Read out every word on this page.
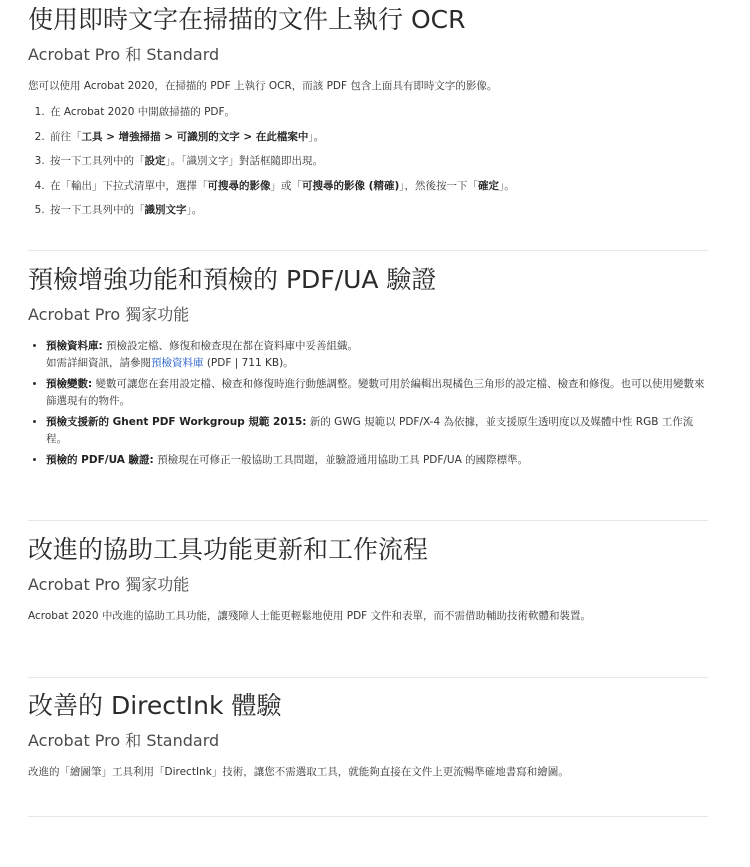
使用即時文字在掃描的文件上執行 OCR

Acrobat Pro 和 Standard

您可以使用 Acrobat 2020，在掃描的 PDF 上執行 OCR，而該 PDF 包含上面具有即時文字的影像。

1. 在 Acrobat 2020 中開啟掃描的 PDF。
2. 前往「工具 > 增強掃描 > 可識別的文字 > 在此檔案中」。
3. 按一下工具列中的「設定」。「識別文字」對話框隨即出現。
4. 在「輸出」下拉式清單中，選擇「可搜尋的影像」或「可搜尋的影像 (精確)」，然後按一下「確定」。
5. 按一下工具列中的「識別文字」。
預檢增強功能和預檢的 PDF/UA 驗證

Acrobat Pro 獨家功能

• 預檢資料庫: 預檢設定檔、修復和檢查現在都在資料庫中妥善組織。
如需詳細資訊，請參閱預檢資料庫 (PDF | 711 KB)。
• 預檢變數: 變數可讓您在套用設定檔、檢查和修復時進行動態調整。變數可用於編輯出現橘色三角形的設定檔、檢查和修復。也可以使用變數來篩選現有的物件。
• 預檢支援新的 Ghent PDF Workgroup 規範 2015: 新的 GWG 規範以 PDF/X-4 為依據，並支援原生透明度以及媒體中性 RGB 工作流程。
• 預檢的 PDF/UA 驗證: 預檢現在可修正一般協助工具問題，並驗證通用協助工具 PDF/UA 的國際標準。
改進的協助工具功能更新和工作流程

Acrobat Pro 獨家功能

Acrobat 2020 中改進的協助工具功能，讓殘障人士能更輕鬆地使用 PDF 文件和表單，而不需借助輔助技術軟體和裝置。

改善的 DirectInk 體驗

Acrobat Pro 和 Standard

改進的「繪圖筆」工具利用「DirectInk」技術，讓您不需選取工具，就能夠直接在文件上更流暢準確地書寫和繪圖。
